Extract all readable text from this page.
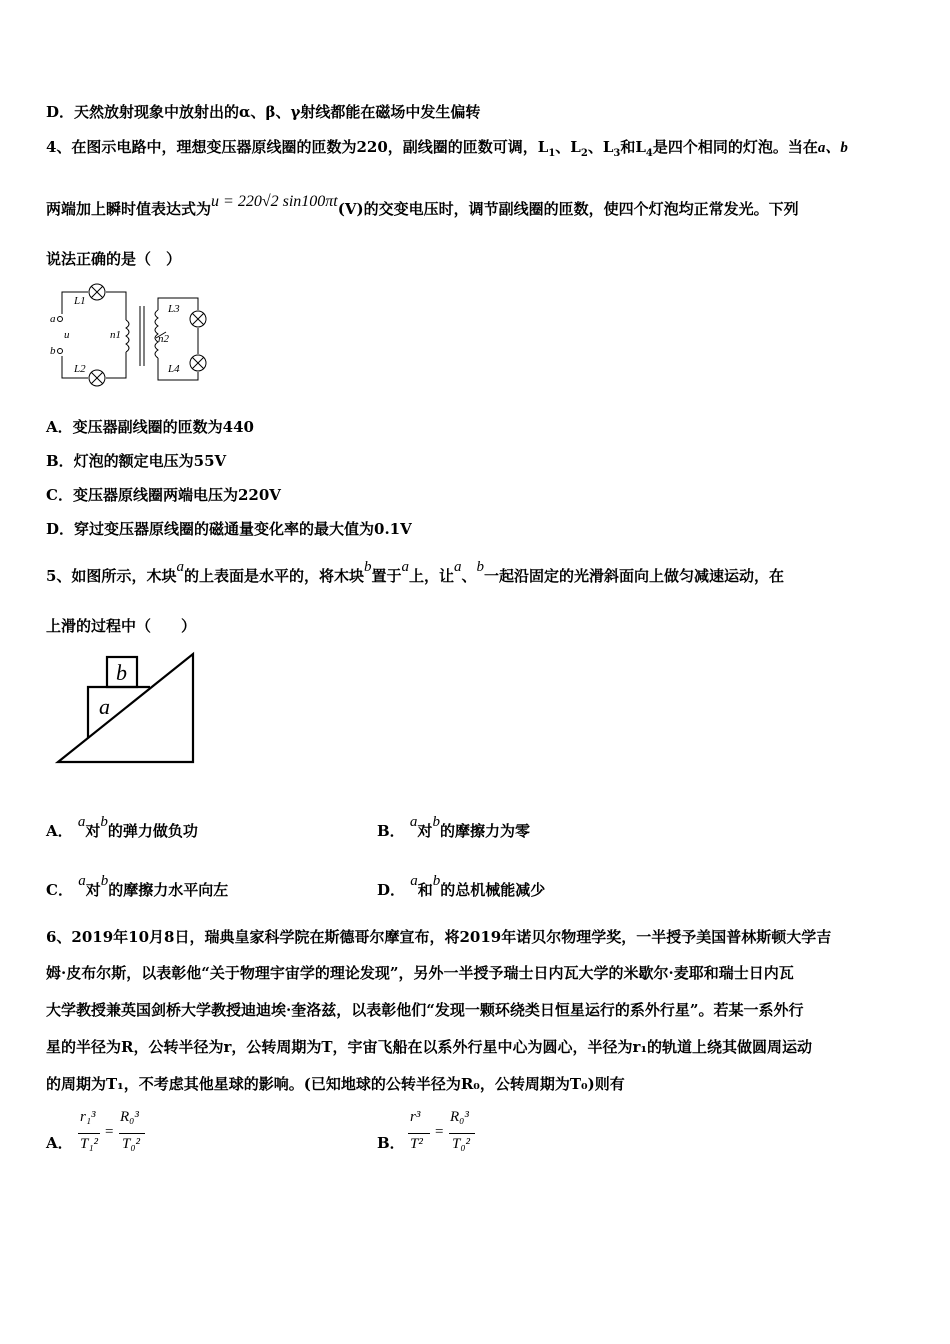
D．天然放射现象中放射出的α、β、γ射线都能在磁场中发生偏转
4、在图示电路中，理想变压器原线圈的匝数为220，副线圈的匝数可调，$L_1$、$L_2$、$L_3$和$L_4$是四个相同的灯泡。当在a、b
两端加上瞬时值表达式为u = 220√2 sin100πt(V)的交变电压时，调节副线圈的匝数，使四个灯泡均正常发光。下列
说法正确的是（　）
L1
L2
L3
L4
a
u
b
n1	n2
A．变压器副线圈的匝数为440
B．灯泡的额定电压为55V
C．变压器原线圈两端电压为220V
D．穿过变压器原线圈的磁通量变化率的最大值为0.1V
5、如图所示，木块a的上表面是水平的，将木块b置于a上，让a、b一起沿固定的光滑斜面向上做匀减速运动，在
上滑的过程中（　　）
a
b
A． a对b的弹力做负功	B． a对b的摩擦力为零
C． a对b的摩擦力水平向左	D． a和b的总机械能减少
6、2019年10月8日，瑞典皇家科学院在斯德哥尔摩宣布，将2019年诺贝尔物理学奖，一半授予美国普林斯顿大学吉
姆·皮布尔斯，以表彰他“关于物理宇宙学的理论发现”，另外一半授予瑞士日内瓦大学的米歇尔·麦耶和瑞士日内瓦
大学教授兼英国剑桥大学教授迪迪埃·奎洛兹，以表彰他们“发现一颗环绕类日恒星运行的系外行星”。若某一系外行
星的半径为R，公转半径为r，公转周期为T，宇宙飞船在以系外行星中心为圆心，半径为r₁的轨道上绕其做圆周运动
的周期为T₁，不考虑其他星球的影响。(已知地球的公转半径为R₀，公转周期为T₀)则有
A．
r₁³
T₁²
=
R₀³
T₀²	B．
r³
T²
=
R₀³
T₀²
